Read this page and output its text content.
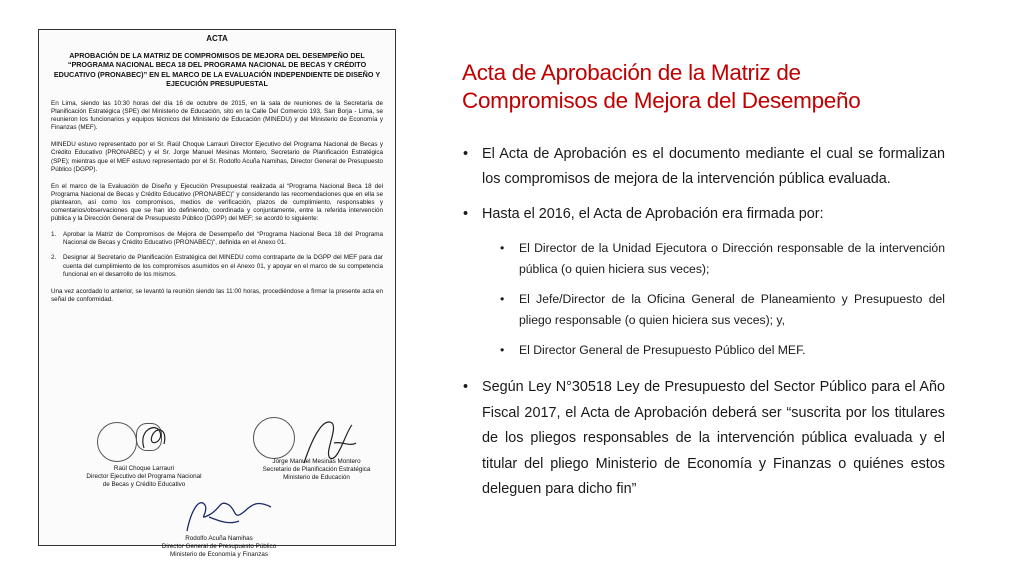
ACTA
APROBACIÓN DE LA MATRIZ DE COMPROMISOS DE MEJORA DEL DESEMPEÑO DEL “PROGRAMA NACIONAL BECA 18 DEL PROGRAMA NACIONAL DE BECAS Y CRÉDITO EDUCATIVO (PRONABEC)” EN EL MARCO DE LA EVALUACIÓN INDEPENDIENTE DE DISEÑO Y EJECUCIÓN PRESUPUESTAL

En Lima, siendo las 10:30 horas del día 16 de octubre de 2015, en la sala de reuniones de la Secretaría de Planificación Estratégica (SPE) del Ministerio de Educación, sito en la Calle Del Comercio 193, San Borja - Lima, se reunieron los funcionarios y equipos técnicos del Ministerio de Educación (MINEDU) y del Ministerio de Economía y Finanzas (MEF).

MINEDU estuvo representado por el Sr. Raúl Choque Larrauri Director Ejecutivo del Programa Nacional de Becas y Crédito Educativo (PRONABEC) y el Sr. Jorge Manuel Mesinas Montero, Secretario de Planificación Estratégica (SPE); mientras que el MEF estuvo representado por el Sr. Rodolfo Acuña Namihas, Director General de Presupuesto Público (DGPP).

En el marco de la Evaluación de Diseño y Ejecución Presupuestal realizada al “Programa Nacional Beca 18 del Programa Nacional de Becas y Crédito Educativo (PRONABEC)” y considerando las recomendaciones que en ella se plantearon, así como los compromisos, medios de verificación, plazos de cumplimiento, responsables y comentarios/observaciones que se han ido definiendo, coordinada y conjuntamente, entre la referida intervención pública y la Dirección General de Presupuesto Público (DGPP) del MEF; se acordó lo siguiente:

1.	Aprobar la Matriz de Compromisos de Mejora de Desempeño del “Programa Nacional Beca 18 del Programa Nacional de Becas y Crédito Educativo (PRONABEC)”, definida en el Anexo 01.
2.	Designar al Secretario de Planificación Estratégica del MINEDU como contraparte de la DGPP del MEF para dar cuenta del cumplimiento de los compromisos asumidos en el Anexo 01, y apoyar en el marco de su competencia funcional en el desarrollo de los mismos.

Una vez acordado lo anterior, se levantó la reunión siendo las 11:00 horas, procediéndose a firmar la presente acta en señal de conformidad.

Raúl Choque Larrauri
Director Ejecutivo del Programa Nacional
de Becas y Crédito Educativo
Jorge Manuel Mesinas Montero
Secretario de Planificación Estratégica
Ministerio de Educación
Rodolfo Acuña Namihas
Director General de Presupuesto Público
Ministerio de Economía y Finanzas
Acta de Aprobación de la Matriz de
Compromisos de Mejora del Desempeño

• El Acta de Aprobación es el documento mediante el cual se formalizan los compromisos de mejora de la intervención pública evaluada.

• Hasta el 2016, el Acta de Aprobación era firmada por:

• El Director de la Unidad Ejecutora o Dirección responsable de la intervención pública (o quien hiciera sus veces);

• El Jefe/Director de la Oficina General de Planeamiento y Presupuesto del pliego responsable (o quien hiciera sus veces); y,

• El Director General de Presupuesto Público del MEF.

• Según Ley N°30518 Ley de Presupuesto del Sector Público para el Año Fiscal 2017, el Acta de Aprobación deberá ser “suscrita por los titulares de los pliegos responsables de la intervención pública evaluada y el titular del pliego Ministerio de Economía y Finanzas o quiénes estos deleguen para dicho fin”
